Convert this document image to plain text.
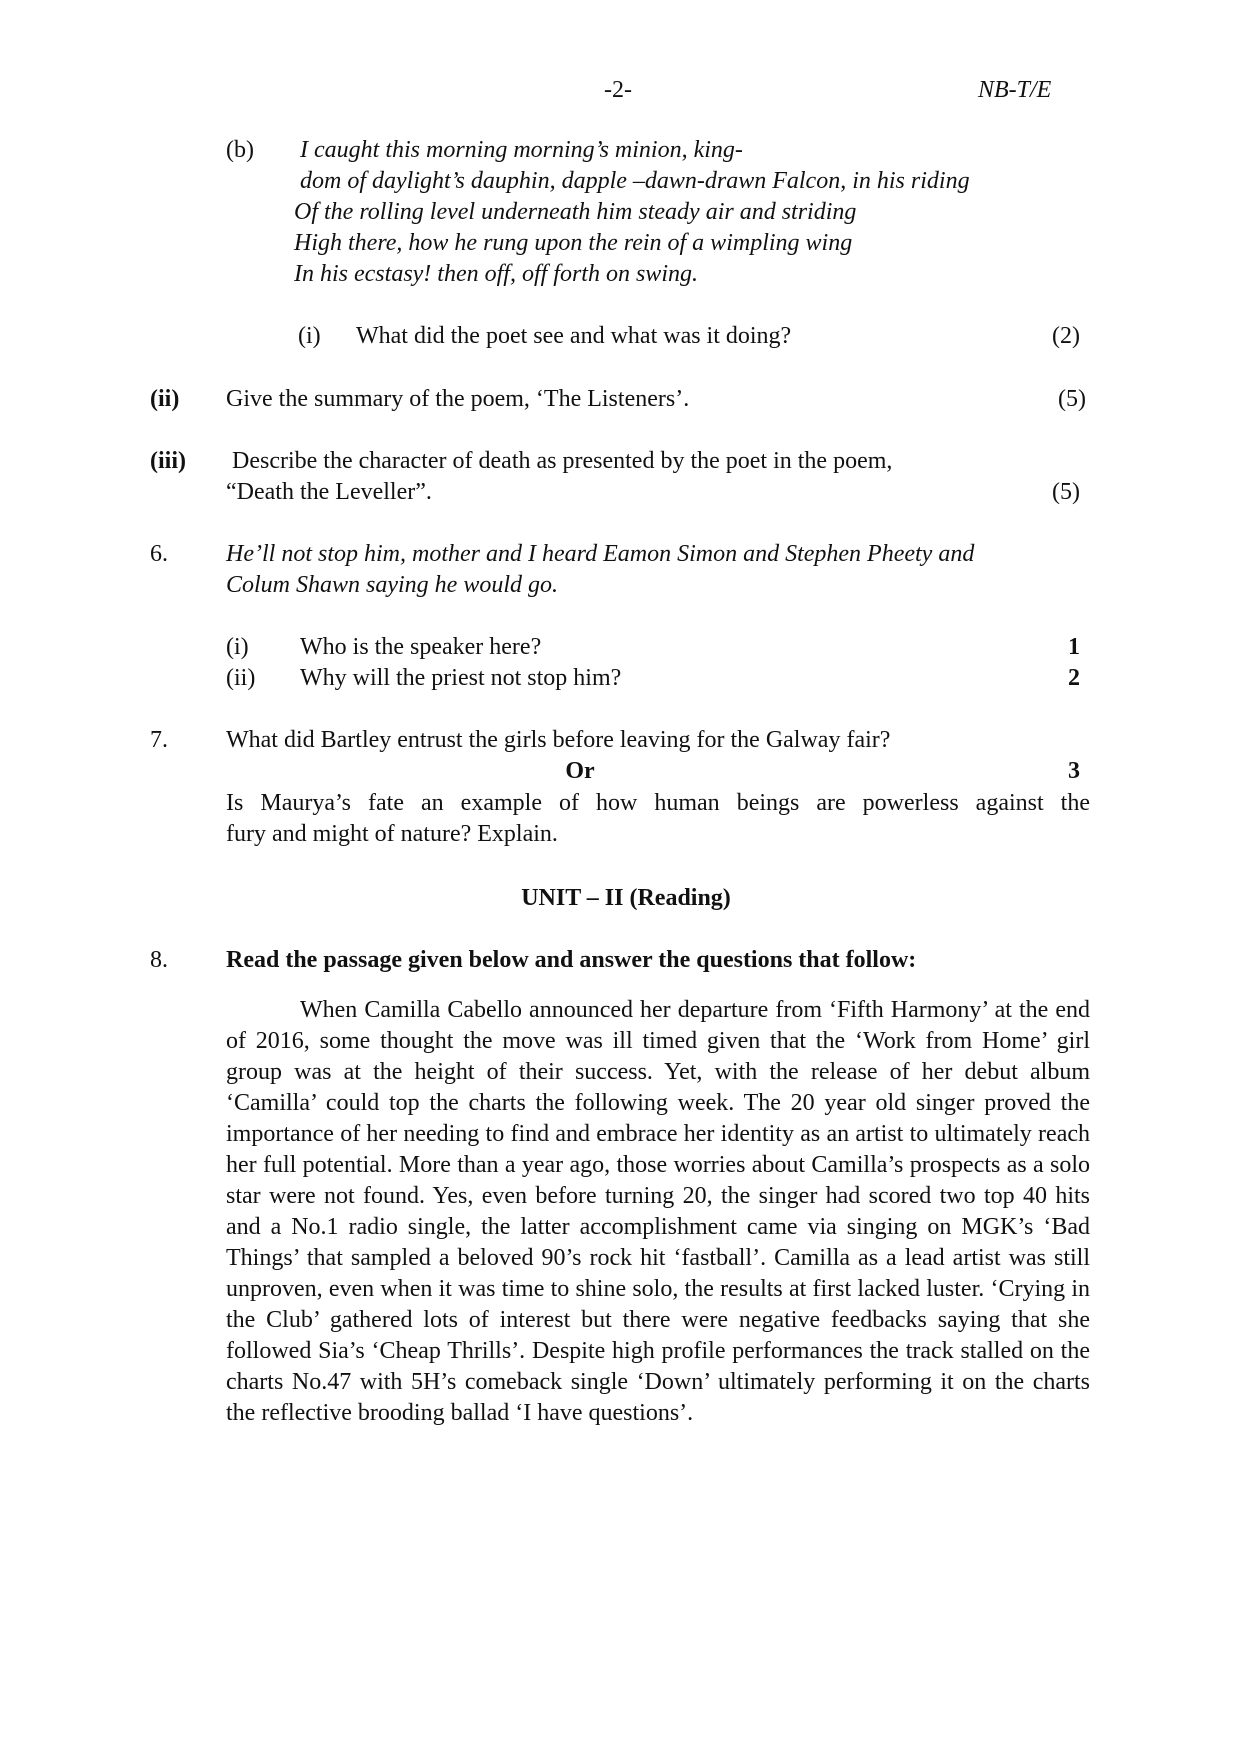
-2-	NB-T/E
(b) I caught this morning morning’s minion, king-
dom of daylight’s dauphin, dapple –dawn-drawn Falcon, in his riding
Of the rolling level underneath him steady air and striding
High there, how he rung upon the rein of a wimpling wing
In his ecstasy! then off, off forth on swing.
(i) What did the poet see and what was it doing?	(2)
(ii) Give the summary of the poem, ‘The Listeners’.	(5)
(iii) Describe the character of death as presented by the poet in the poem,
“Death the Leveller”.	(5)
6. He’ll not stop him, mother and I heard Eamon Simon and Stephen Pheety and
Colum Shawn saying he would go.
(i) Who is the speaker here?	1
(ii) Why will the priest not stop him?	2
7. What did Bartley entrust the girls before leaving for the Galway fair?
Or	3
Is Maurya’s fate an example of how human beings are powerless against the
fury and might of nature? Explain.
UNIT – II (Reading)
8. Read the passage given below and answer the questions that follow:

When Camilla Cabello announced her departure from ‘Fifth Harmony’ at the end of 2016, some thought the move was ill timed given that the ‘Work from Home’ girl group was at the height of their success. Yet, with the release of her debut album ‘Camilla’ could top the charts the following week. The 20 year old singer proved the importance of her needing to find and embrace her identity as an artist to ultimately reach her full potential. More than a year ago, those worries about Camilla’s prospects as a solo star were not found. Yes, even before turning 20, the singer had scored two top 40 hits and a No.1 radio single, the latter accomplishment came via singing on MGK’s ‘Bad Things’ that sampled a beloved 90’s rock hit ‘fastball’. Camilla as a lead artist was still unproven, even when it was time to shine solo, the results at first lacked luster. ‘Crying in the Club’ gathered lots of interest but there were negative feedbacks saying that she followed Sia’s ‘Cheap Thrills’. Despite high profile performances the track stalled on the charts No.47 with 5H’s comeback single ‘Down’ ultimately performing it on the charts the reflective brooding ballad ‘I have questions’.
